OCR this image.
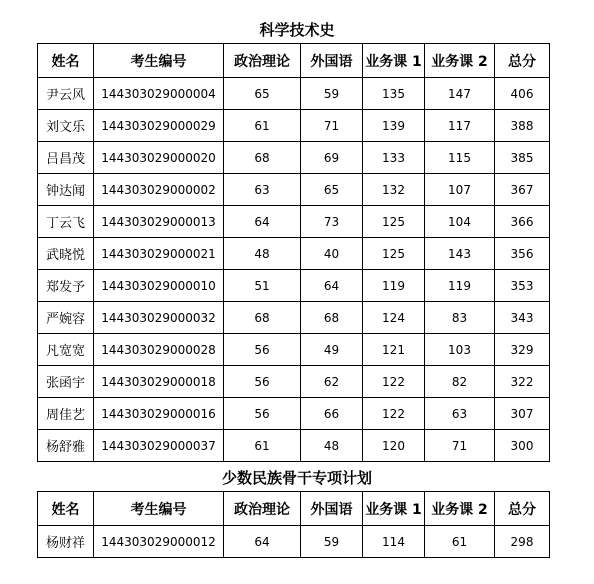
科学技术史
姓名	考生编号	政治理论	外国语	业务课 1	业务课 2	总分
尹云风	144303029000004	65	59	135	147	406
刘文乐	144303029000029	61	71	139	117	388
吕昌茂	144303029000020	68	69	133	115	385
钟达闻	144303029000002	63	65	132	107	367
丁云飞	144303029000013	64	73	125	104	366
武晓悦	144303029000021	48	40	125	143	356
郑发予	144303029000010	51	64	119	119	353
严婉容	144303029000032	68	68	124	83	343
凡宽宽	144303029000028	56	49	121	103	329
张函宇	144303029000018	56	62	122	82	322
周佳艺	144303029000016	56	66	122	63	307
杨舒雅	144303029000037	61	48	120	71	300
少数民族骨干专项计划
姓名	考生编号	政治理论	外国语	业务课 1	业务课 2	总分
杨财祥	144303029000012	64	59	114	61	298
